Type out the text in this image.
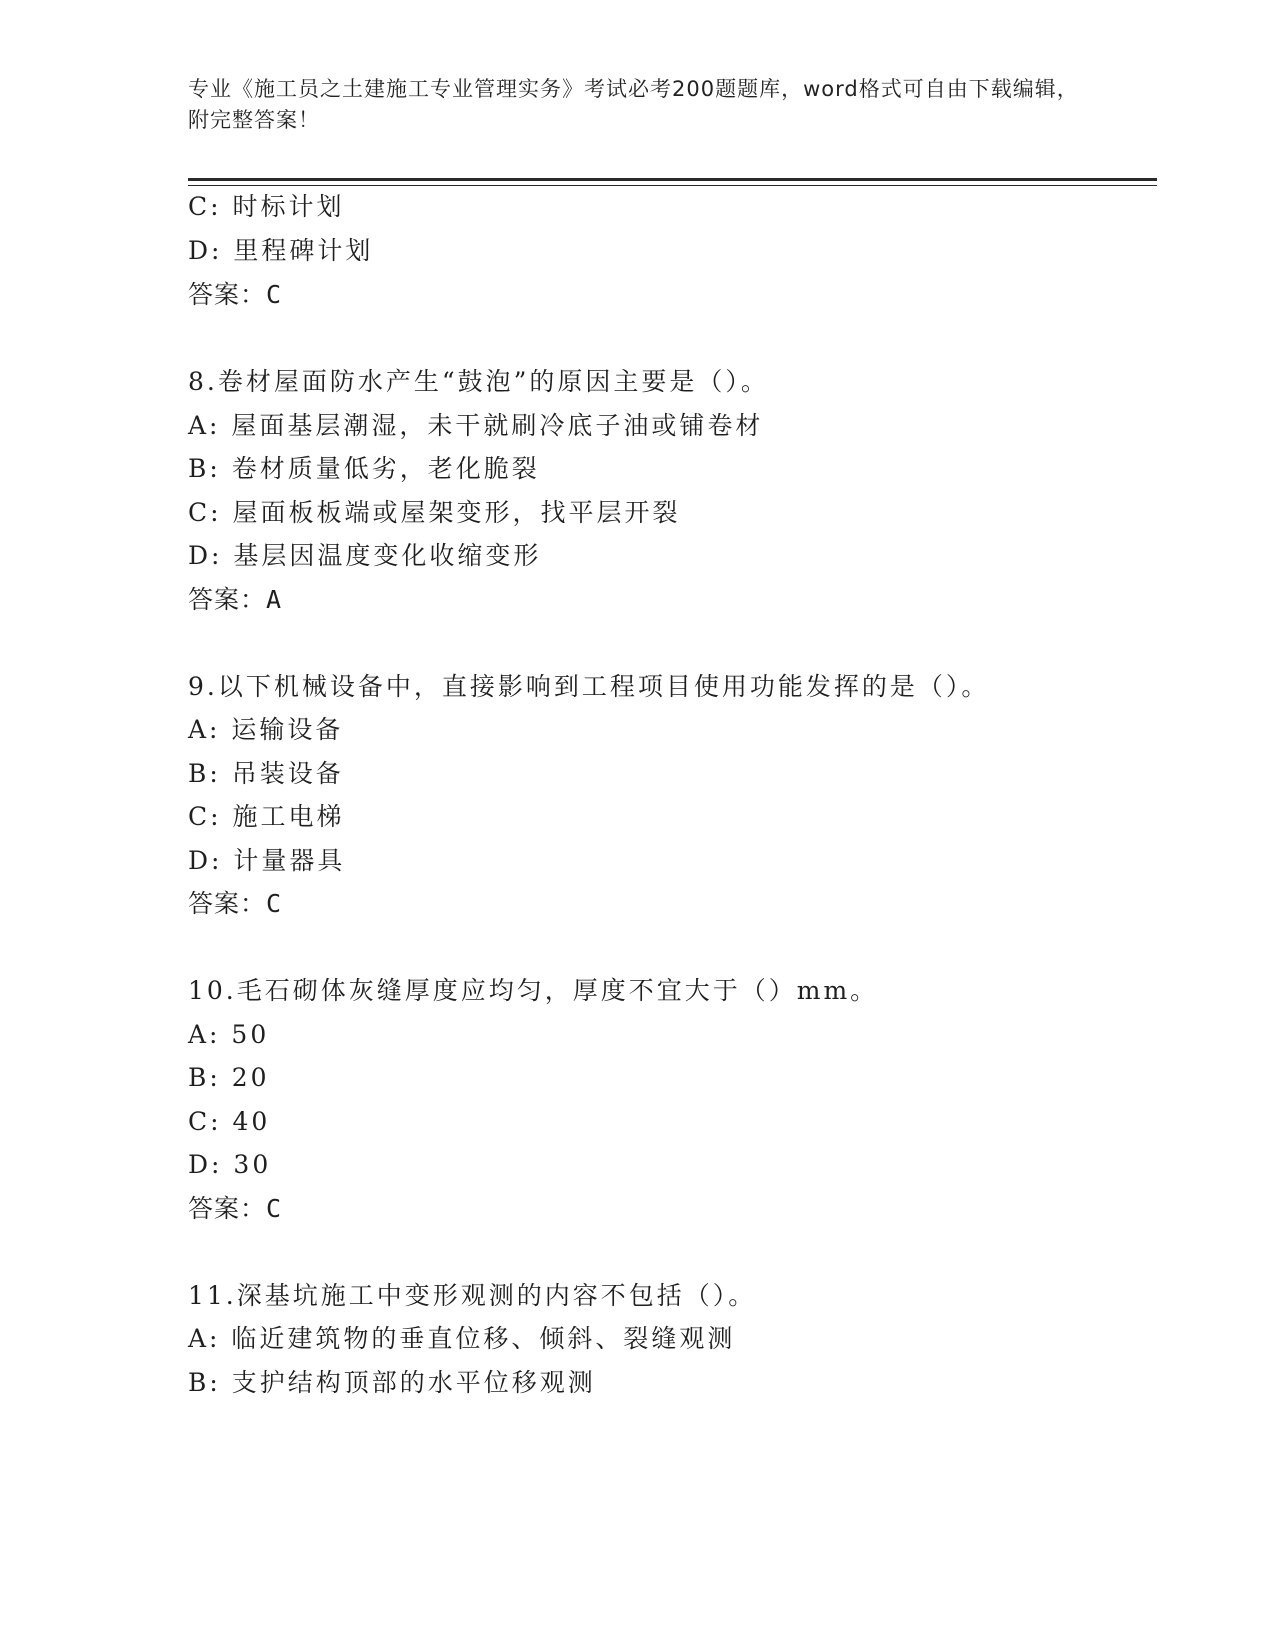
专业《施工员之土建施工专业管理实务》考试必考200题题库，word格式可自由下载编辑，附完整答案！
C: 时标计划
D: 里程碑计划
答案：C
8.卷材屋面防水产生“鼓泡”的原因主要是（）。
A: 屋面基层潮湿，未干就刷冷底子油或铺卷材
B: 卷材质量低劣，老化脆裂
C: 屋面板板端或屋架变形，找平层开裂
D: 基层因温度变化收缩变形
答案：A
9.以下机械设备中，直接影响到工程项目使用功能发挥的是（）。
A: 运输设备
B: 吊装设备
C: 施工电梯
D: 计量器具
答案：C
10.毛石砌体灰缝厚度应均匀，厚度不宜大于（）mm。
A: 50
B: 20
C: 40
D: 30
答案：C
11.深基坑施工中变形观测的内容不包括（）。
A: 临近建筑物的垂直位移、倾斜、裂缝观测
B: 支护结构顶部的水平位移观测
